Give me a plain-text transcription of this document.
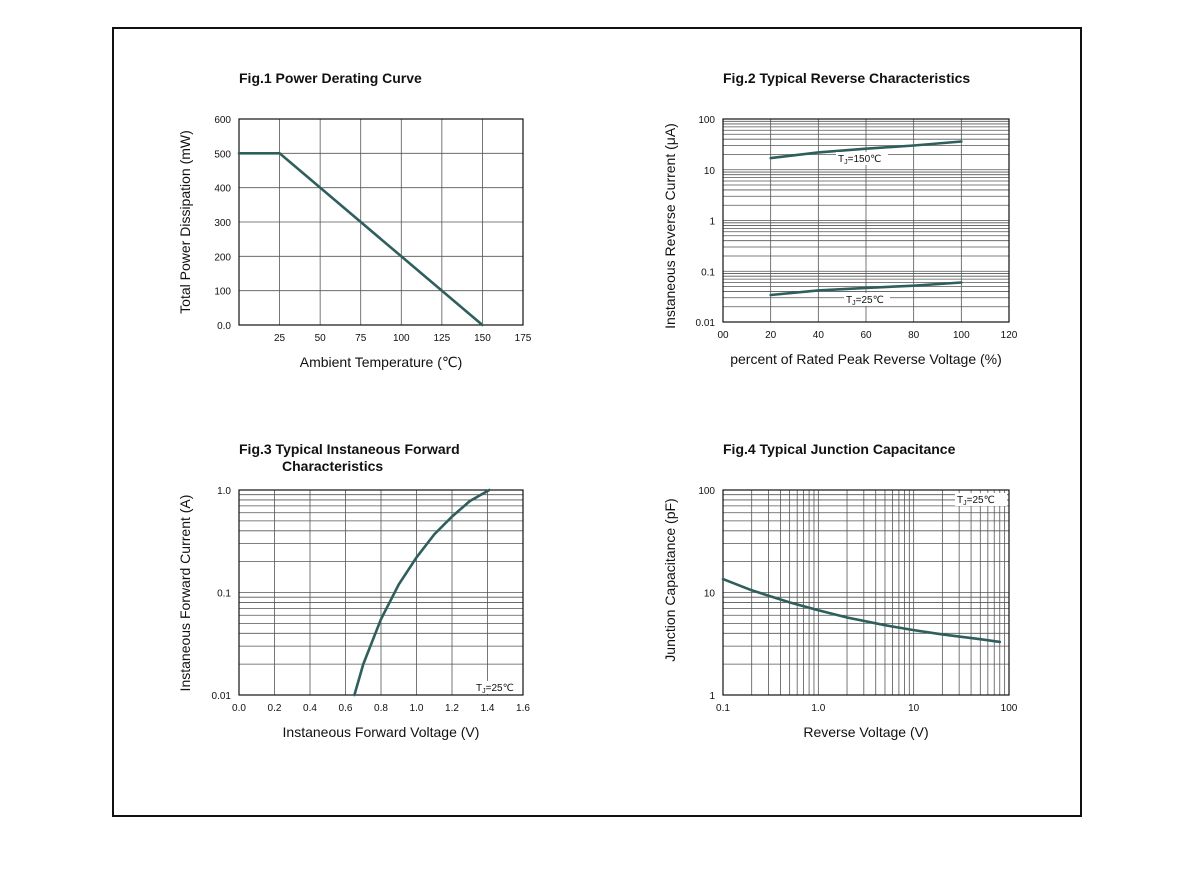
Fig.1 Power Derating Curve
25	50	75	100 125 150 175
0.0
100
200
300
400
500
600
Ambient Temperature (℃)
Total Power Dissipation (mW)
Fig.2 Typical Reverse Characteristics
00	20	40	60	80	100	120
0.01
0.1
1
10
100
percent of Rated Peak Reverse Voltage (%)
Instaneous Reverse Current (μA)
Fig.3 Typical Instaneous Forward
Characteristics
0.0 0.2 0.4 0.6 0.8 1.0 1.2 1.4 1.6
0.01
0.1
1.0
Instaneous Forward Voltage (V)
Instaneous Forward Current (A)
Fig.4 Typical Junction Capacitance
0.1	1.0	10	100
1
10
100
Reverse Voltage (V)
Junction Capacitance (pF)
$T_J=150℃$
$T_J=25℃$
$T_J=25℃$
$T_J=25℃$
